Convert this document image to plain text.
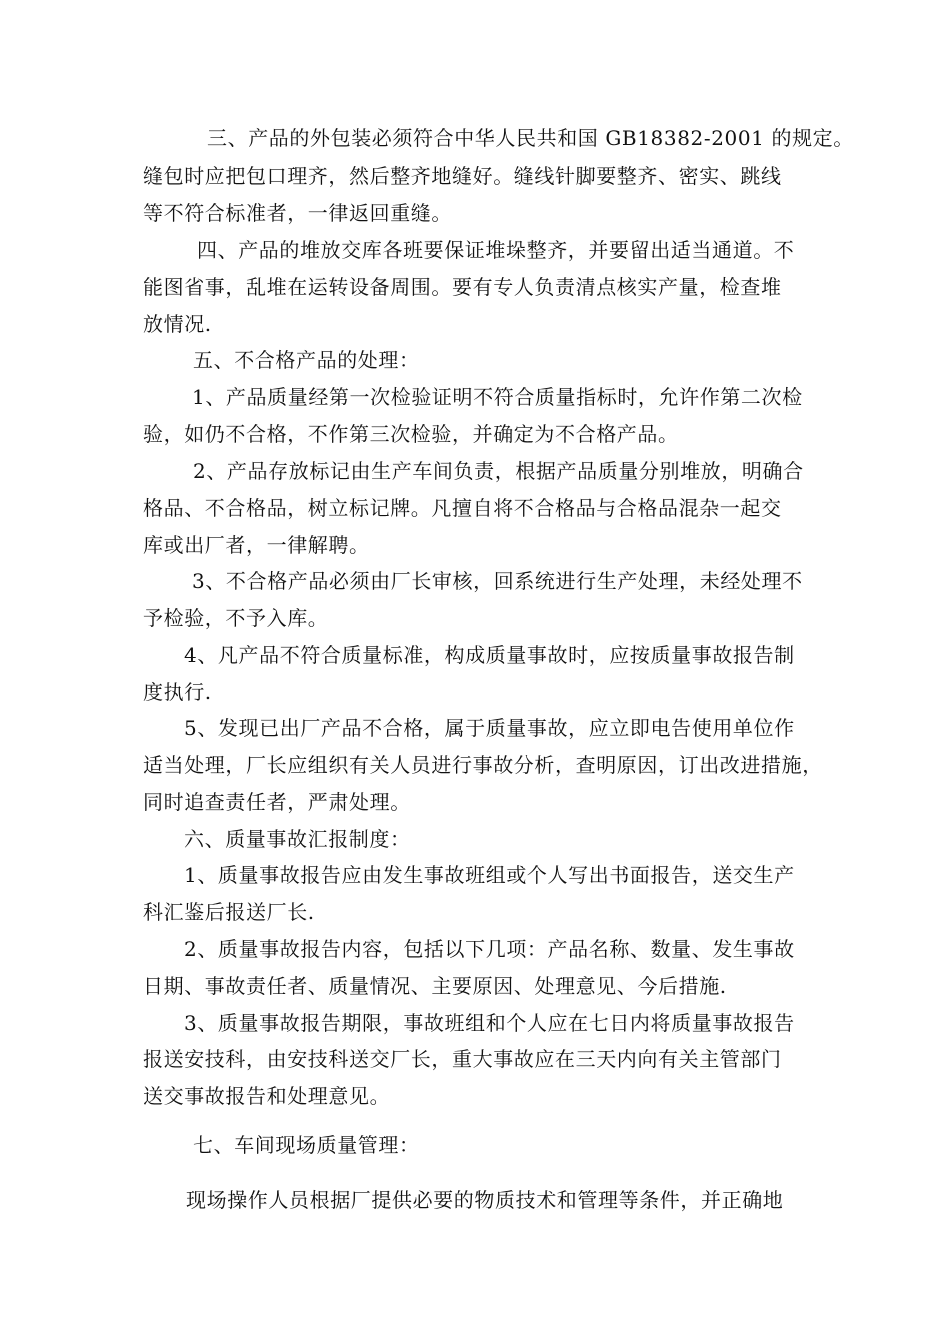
三、产品的外包装必须符合中华人民共和国 GB18382-2001 的规定。
缝包时应把包口理齐，然后整齐地缝好。缝线针脚要整齐、密实、跳线
等不符合标准者，一律返回重缝。
四、产品的堆放交库各班要保证堆垛整齐，并要留出适当通道。不
能图省事，乱堆在运转设备周围。要有专人负责清点核实产量，检查堆
放情况.
五、不合格产品的处理：
1、产品质量经第一次检验证明不符合质量指标时，允许作第二次检
验，如仍不合格，不作第三次检验，并确定为不合格产品。
2、产品存放标记由生产车间负责，根据产品质量分别堆放，明确合
格品、不合格品，树立标记牌。凡擅自将不合格品与合格品混杂一起交
库或出厂者，一律解聘。
3、不合格产品必须由厂长审核，回系统进行生产处理，未经处理不
予检验，不予入库。
4、凡产品不符合质量标准，构成质量事故时，应按质量事故报告制
度执行.
5、发现已出厂产品不合格，属于质量事故，应立即电告使用单位作
适当处理，厂长应组织有关人员进行事故分析，查明原因，订出改进措施，
同时追查责任者，严肃处理。
六、质量事故汇报制度：
1、质量事故报告应由发生事故班组或个人写出书面报告，送交生产
科汇鉴后报送厂长.
2、质量事故报告内容，包括以下几项：产品名称、数量、发生事故
日期、事故责任者、质量情况、主要原因、处理意见、今后措施.
3、质量事故报告期限，事故班组和个人应在七日内将质量事故报告
报送安技科，由安技科送交厂长，重大事故应在三天内向有关主管部门
送交事故报告和处理意见。
七、车间现场质量管理：
现场操作人员根据厂提供必要的物质技术和管理等条件，并正确地
